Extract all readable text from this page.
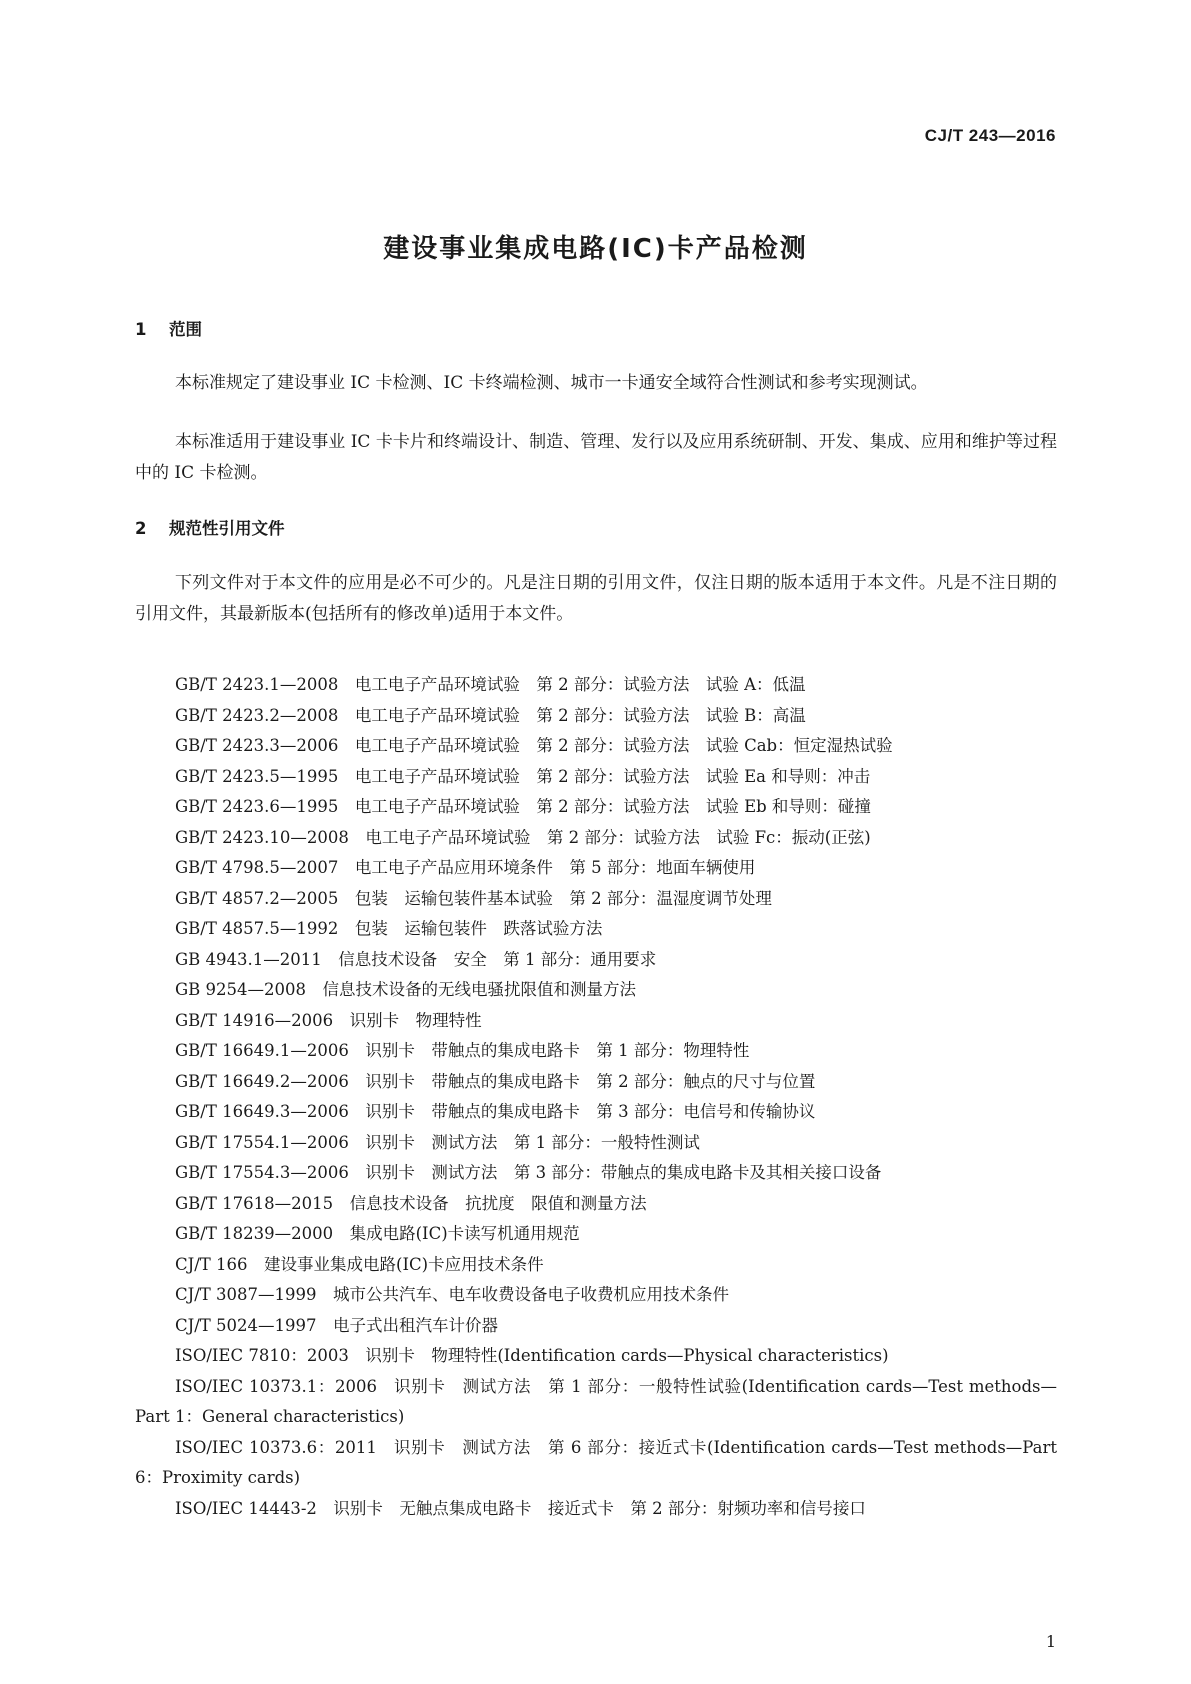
CJ/T 243—2016
建设事业集成电路(IC)卡产品检测
1 范围
本标准规定了建设事业 IC 卡检测、IC 卡终端检测、城市一卡通安全域符合性测试和参考实现测试。
本标准适用于建设事业 IC 卡卡片和终端设计、制造、管理、发行以及应用系统研制、开发、集成、应用和维护等过程中的 IC 卡检测。
2 规范性引用文件
下列文件对于本文件的应用是必不可少的。凡是注日期的引用文件，仅注日期的版本适用于本文件。凡是不注日期的引用文件，其最新版本(包括所有的修改单)适用于本文件。
GB/T 2423.1—2008 电工电子产品环境试验　第 2 部分：试验方法　试验 A：低温
GB/T 2423.2—2008 电工电子产品环境试验　第 2 部分：试验方法　试验 B：高温
GB/T 2423.3—2006 电工电子产品环境试验　第 2 部分：试验方法　试验 Cab：恒定湿热试验
GB/T 2423.5—1995 电工电子产品环境试验　第 2 部分：试验方法　试验 Ea 和导则：冲击
GB/T 2423.6—1995 电工电子产品环境试验　第 2 部分：试验方法　试验 Eb 和导则：碰撞
GB/T 2423.10—2008 电工电子产品环境试验　第 2 部分：试验方法　试验 Fc：振动(正弦)
GB/T 4798.5—2007 电工电子产品应用环境条件　第 5 部分：地面车辆使用
GB/T 4857.2—2005 包装　运输包装件基本试验　第 2 部分：温湿度调节处理
GB/T 4857.5—1992 包装　运输包装件　跌落试验方法
GB 4943.1—2011 信息技术设备　安全　第 1 部分：通用要求
GB 9254—2008 信息技术设备的无线电骚扰限值和测量方法
GB/T 14916—2006 识别卡　物理特性
GB/T 16649.1—2006 识别卡　带触点的集成电路卡　第 1 部分：物理特性
GB/T 16649.2—2006 识别卡　带触点的集成电路卡　第 2 部分：触点的尺寸与位置
GB/T 16649.3—2006 识别卡　带触点的集成电路卡　第 3 部分：电信号和传输协议
GB/T 17554.1—2006 识别卡　测试方法　第 1 部分：一般特性测试
GB/T 17554.3—2006 识别卡　测试方法　第 3 部分：带触点的集成电路卡及其相关接口设备
GB/T 17618—2015 信息技术设备　抗扰度　限值和测量方法
GB/T 18239—2000 集成电路(IC)卡读写机通用规范
CJ/T 166 建设事业集成电路(IC)卡应用技术条件
CJ/T 3087—1999 城市公共汽车、电车收费设备电子收费机应用技术条件
CJ/T 5024—1997 电子式出租汽车计价器
ISO/IEC 7810：2003 识别卡　物理特性(Identification cards—Physical characteristics)
ISO/IEC 10373.1：2006 识别卡　测试方法　第 1 部分：一般特性试验(Identification cards—Test methods—Part 1：General characteristics)
ISO/IEC 10373.6：2011 识别卡　测试方法　第 6 部分：接近式卡(Identification cards—Test methods—Part 6：Proximity cards)
ISO/IEC 14443-2 识别卡　无触点集成电路卡　接近式卡　第 2 部分：射频功率和信号接口
1
